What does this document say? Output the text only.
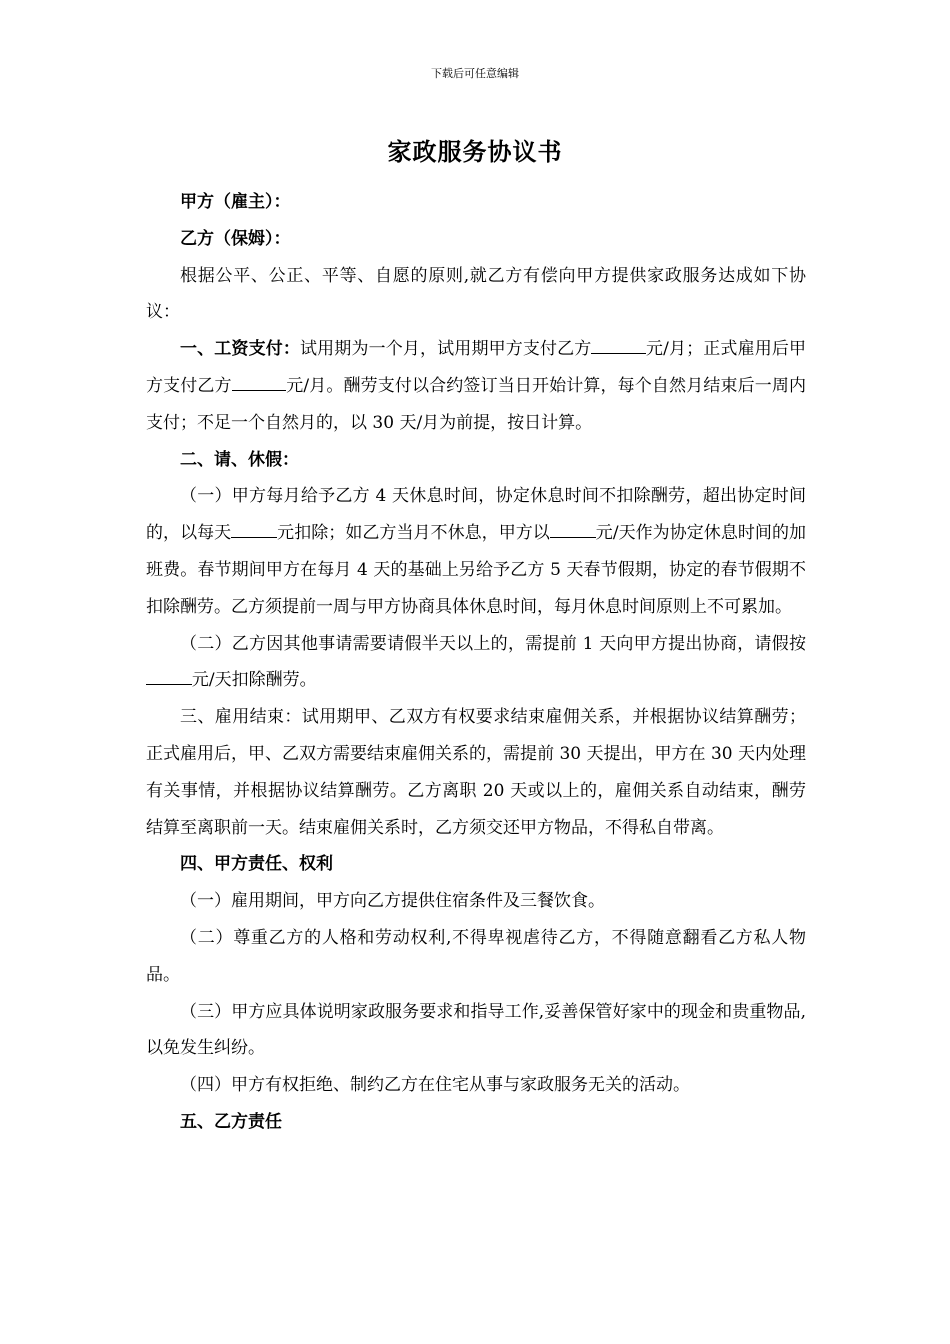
下载后可任意编辑
家政服务协议书

甲方（雇主）：

乙方（保姆）：

根据公平、公正、平等、自愿的原则,就乙方有偿向甲方提供家政服务达成如下协议：

一、工资支付：试用期为一个月，试用期甲方支付乙方	元/月；正式雇用后甲方支付乙方	元/月。酬劳支付以合约签订当日开始计算，每个自然月结束后一周内支付；不足一个自然月的，以 30 天/月为前提，按日计算。

二、请、休假：

（一）甲方每月给予乙方 4 天休息时间，协定休息时间不扣除酬劳，超出协定时间的，以每天	元扣除；如乙方当月不休息，甲方以	元/天作为协定休息时间的加班费。春节期间甲方在每月 4 天的基础上另给予乙方 5 天春节假期，协定的春节假期不扣除酬劳。乙方须提前一周与甲方协商具体休息时间，每月休息时间原则上不可累加。

（二）乙方因其他事请需要请假半天以上的，需提前 1 天向甲方提出协商，请假按元/天扣除酬劳。

三、雇用结束：试用期甲、乙双方有权要求结束雇佣关系，并根据协议结算酬劳；正式雇用后，甲、乙双方需要结束雇佣关系的，需提前 30 天提出，甲方在 30 天内处理有关事情，并根据协议结算酬劳。乙方离职 20 天或以上的，雇佣关系自动结束，酬劳结算至离职前一天。结束雇佣关系时，乙方须交还甲方物品，不得私自带离。

四、甲方责任、权利

（一）雇用期间，甲方向乙方提供住宿条件及三餐饮食。

（二）尊重乙方的人格和劳动权利,不得卑视虐待乙方，不得随意翻看乙方私人物品。

（三）甲方应具体说明家政服务要求和指导工作,妥善保管好家中的现金和贵重物品,以免发生纠纷。

（四）甲方有权拒绝、制约乙方在住宅从事与家政服务无关的活动。

五、乙方责任
